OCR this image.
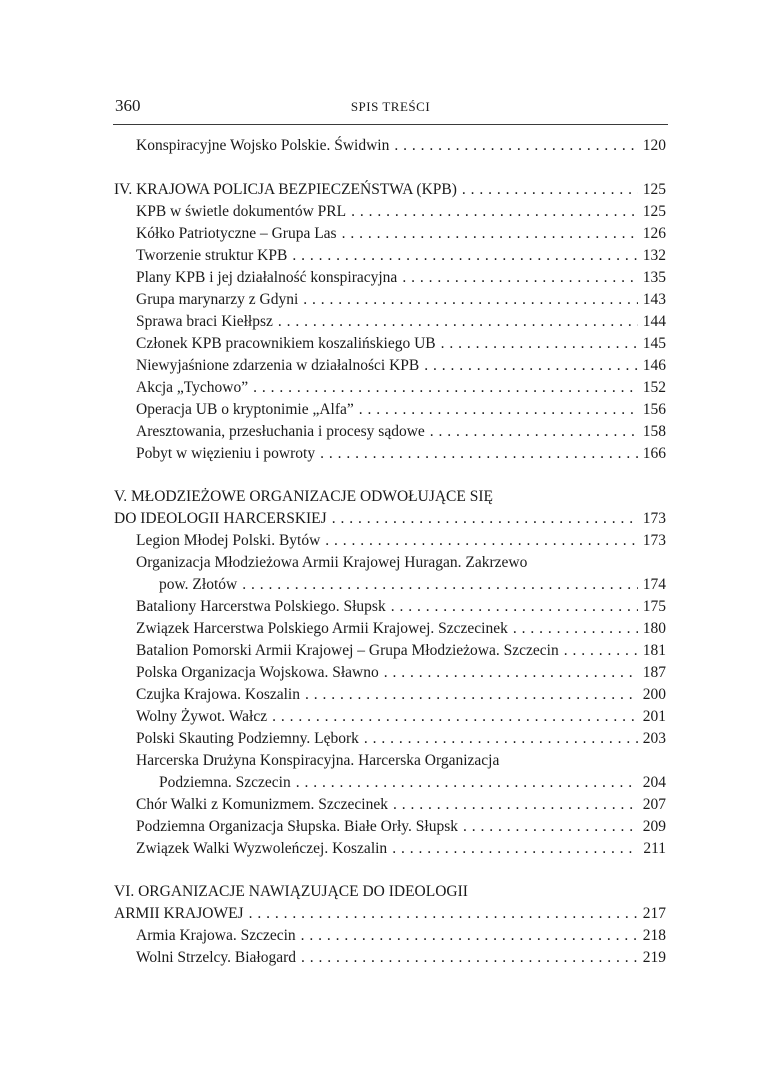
360	SPIS TREŚCI
Konspiracyjne Wojsko Polskie. Świdwin . . .	120
IV. KRAJOWA POLICJA BEZPIECZEŃSTWA (KPB) . . .	125
KPB w świetle dokumentów PRL . . .	125
Kółko Patriotyczne – Grupa Las . . .	126
Tworzenie struktur KPB . . .	132
Plany KPB i jej działalność konspiracyjna . . .	135
Grupa marynarzy z Gdyni . . .	143
Sprawa braci Kiełłpsz . . .	144
Członek KPB pracownikiem koszalińskiego UB . . .	145
Niewyjaśnione zdarzenia w działalności KPB . . .	146
Akcja „Tychowo” . . .	152
Operacja UB o kryptonimie „Alfa” . . .	156
Aresztowania, przesłuchania i procesy sądowe . . .	158
Pobyt w więzieniu i powroty . . .	166
V. MŁODZIEŻOWE ORGANIZACJE ODWOŁUJĄCE SIĘ
DO IDEOLOGII HARCERSKIEJ . . .	173
Legion Młodej Polski. Bytów . . .	173
Organizacja Młodzieżowa Armii Krajowej Huragan. Zakrzewo
pow. Złotów . . .	174
Bataliony Harcerstwa Polskiego. Słupsk . . .	175
Związek Harcerstwa Polskiego Armii Krajowej. Szczecinek . . .	180
Batalion Pomorski Armii Krajowej – Grupa Młodzieżowa. Szczecin . . .	181
Polska Organizacja Wojskowa. Sławno . . .	187
Czujka Krajowa. Koszalin . . .	200
Wolny Żywot. Wałcz . . .	201
Polski Skauting Podziemny. Lębork . . .	203
Harcerska Drużyna Konspiracyjna. Harcerska Organizacja
Podziemna. Szczecin . . .	204
Chór Walki z Komunizmem. Szczecinek . . .	207
Podziemna Organizacja Słupska. Białe Orły. Słupsk . . .	209
Związek Walki Wyzwoleńczej. Koszalin . . .	211
VI. ORGANIZACJE NAWIĄZUJĄCE DO IDEOLOGII
ARMII KRAJOWEJ . . .	217
Armia Krajowa. Szczecin . . .	218
Wolni Strzelcy. Białogard . . .	219
